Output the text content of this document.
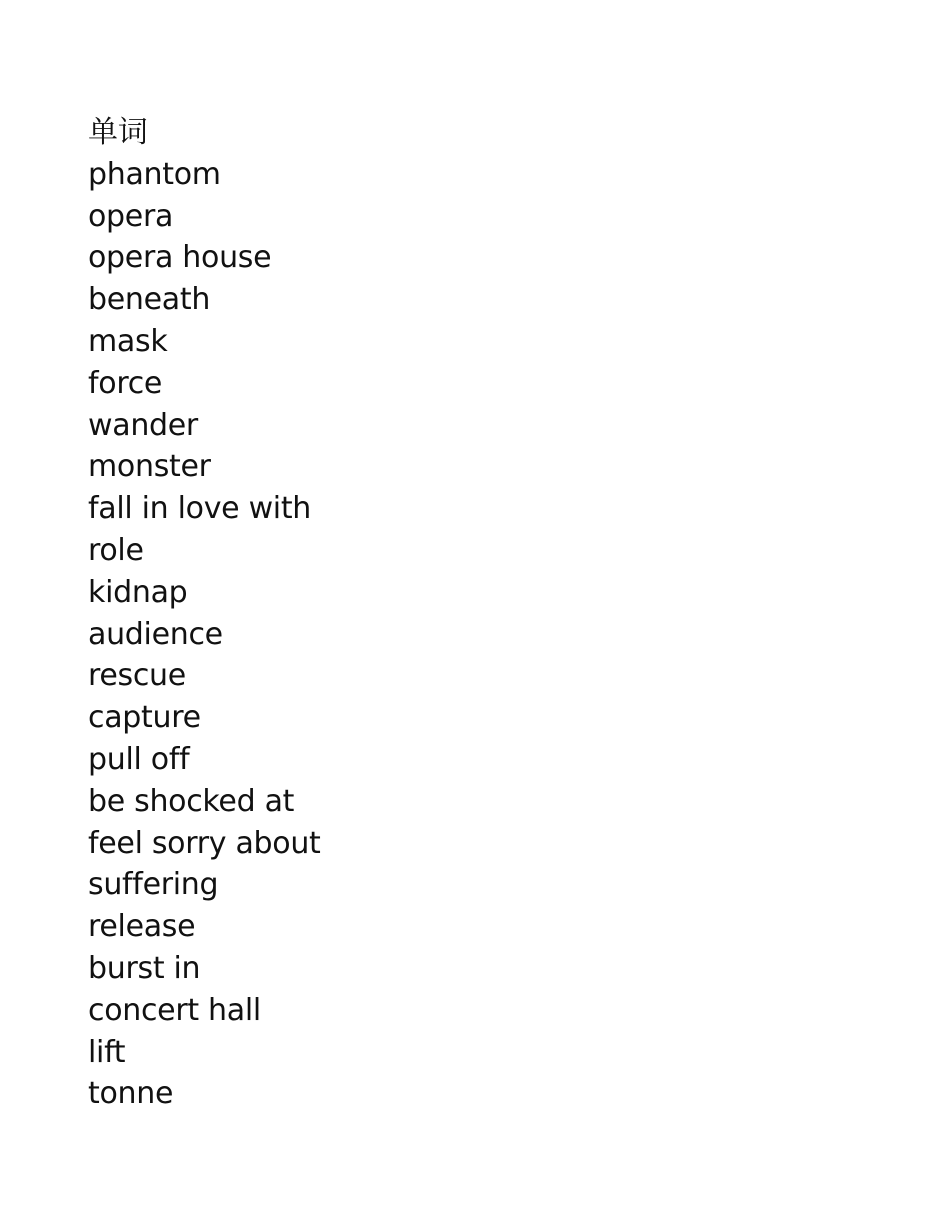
单词
phantom
opera
opera house
beneath
mask
force
wander
monster
fall in love with
role
kidnap
audience
rescue
capture
pull off
be shocked at
feel sorry about
suffering
release
burst in
concert hall
lift
tonne
